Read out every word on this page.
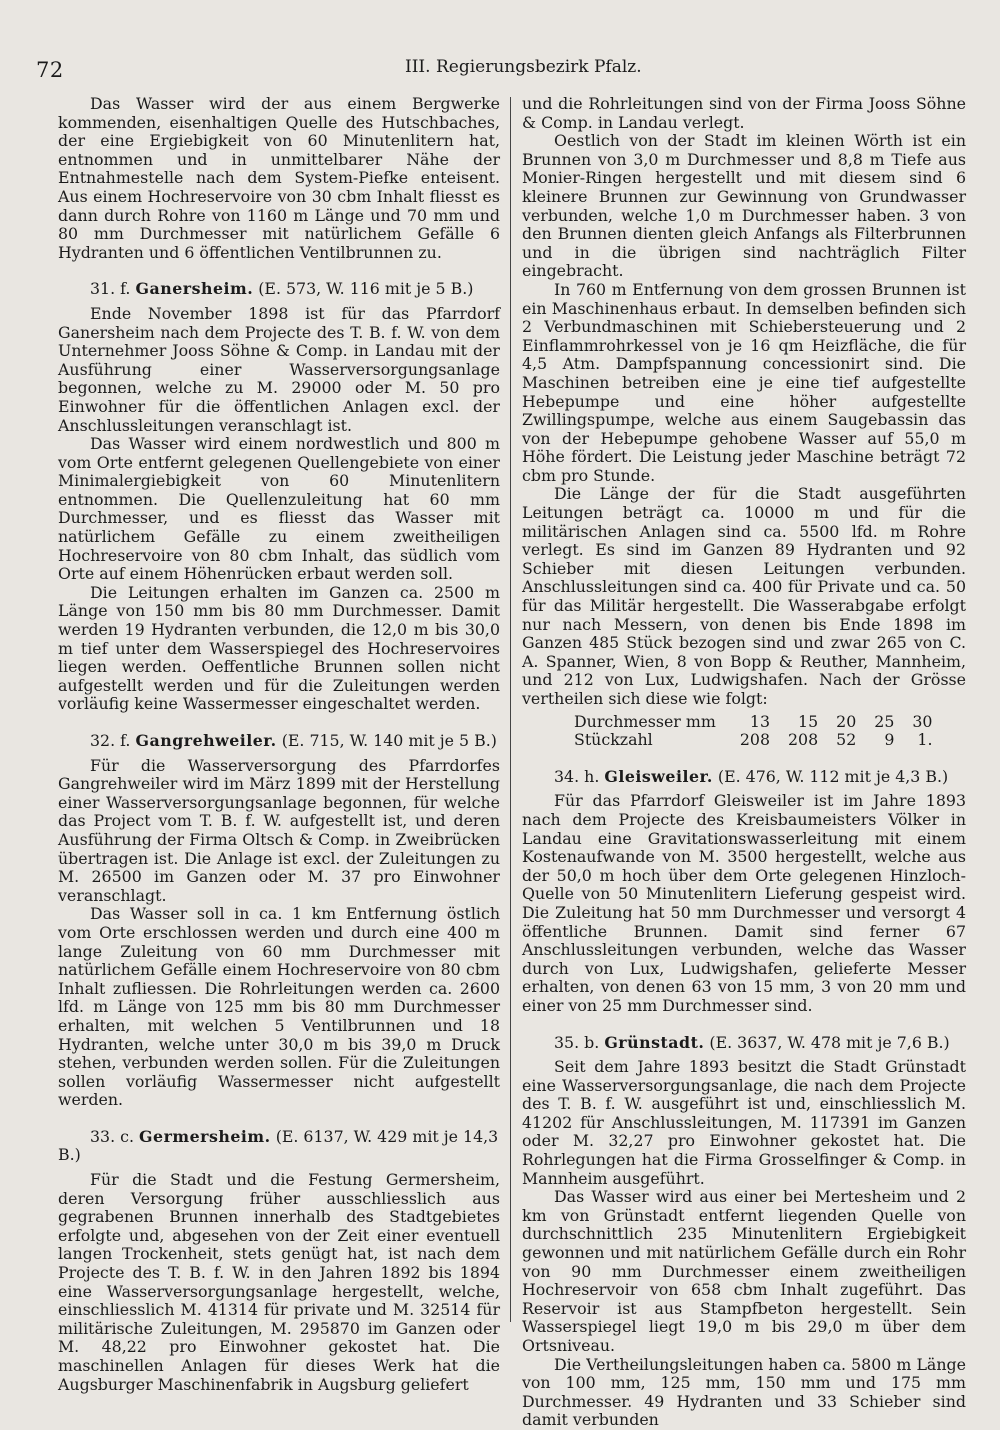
72	III. Regierungsbezirk Pfalz.

Das Wasser wird der aus einem Bergwerke kommenden, eisenhaltigen Quelle des Hutschbaches, der eine Ergiebigkeit von 60 Minutenlitern hat, entnommen und in unmittelbarer Nähe der Entnahmestelle nach dem System-Piefke enteisent. Aus einem Hochreservoire von 30 cbm Inhalt fliesst es dann durch Rohre von 1160 m Länge und 70 mm und 80 mm Durchmesser mit natürlichem Gefälle 6 Hydranten und 6 öffentlichen Ventilbrunnen zu.

31. f. Ganersheim. (E. 573, W. 116 mit je 5 B.)

Ende November 1898 ist für das Pfarrdorf Ganersheim nach dem Projecte des T. B. f. W. von dem Unternehmer Jooss Söhne & Comp. in Landau mit der Ausführung einer Wasserversorgungsanlage begonnen, welche zu M. 29000 oder M. 50 pro Einwohner für die öffentlichen Anlagen excl. der Anschlussleitungen veranschlagt ist.

Das Wasser wird einem nordwestlich und 800 m vom Orte entfernt gelegenen Quellengebiete von einer Minimalergiebigkeit von 60 Minutenlitern entnommen. Die Quellenzuleitung hat 60 mm Durchmesser, und es fliesst das Wasser mit natürlichem Gefälle zu einem zweitheiligen Hochreservoire von 80 cbm Inhalt, das südlich vom Orte auf einem Höhenrücken erbaut werden soll.

Die Leitungen erhalten im Ganzen ca. 2500 m Länge von 150 mm bis 80 mm Durchmesser. Damit werden 19 Hydranten verbunden, die 12,0 m bis 30,0 m tief unter dem Wasserspiegel des Hochreservoires liegen werden. Oeffentliche Brunnen sollen nicht aufgestellt werden und für die Zuleitungen werden vorläufig keine Wassermesser eingeschaltet werden.

32. f. Gangrehweiler. (E. 715, W. 140 mit je 5 B.)

Für die Wasserversorgung des Pfarrdorfes Gangrehweiler wird im März 1899 mit der Herstellung einer Wasserversorgungsanlage begonnen, für welche das Project vom T. B. f. W. aufgestellt ist, und deren Ausführung der Firma Oltsch & Comp. in Zweibrücken übertragen ist. Die Anlage ist excl. der Zuleitungen zu M. 26500 im Ganzen oder M. 37 pro Einwohner veranschlagt.

Das Wasser soll in ca. 1 km Entfernung östlich vom Orte erschlossen werden und durch eine 400 m lange Zuleitung von 60 mm Durchmesser mit natürlichem Gefälle einem Hochreservoire von 80 cbm Inhalt zufliessen. Die Rohrleitungen werden ca. 2600 lfd. m Länge von 125 mm bis 80 mm Durchmesser erhalten, mit welchen 5 Ventilbrunnen und 18 Hydranten, welche unter 30,0 m bis 39,0 m Druck stehen, verbunden werden sollen. Für die Zuleitungen sollen vorläufig Wassermesser nicht aufgestellt werden.

33. c. Germersheim. (E. 6137, W. 429 mit je 14,3 B.)

Für die Stadt und die Festung Germersheim, deren Versorgung früher ausschliesslich aus gegrabenen Brunnen innerhalb des Stadtgebietes erfolgte und, abgesehen von der Zeit einer eventuell langen Trockenheit, stets genügt hat, ist nach dem Projecte des T. B. f. W. in den Jahren 1892 bis 1894 eine Wasserversorgungsanlage hergestellt, welche, einschliesslich M. 41314 für private und M. 32514 für militärische Zuleitungen, M. 295870 im Ganzen oder M. 48,22 pro Einwohner gekostet hat. Die maschinellen Anlagen für dieses Werk hat die Augsburger Maschinenfabrik in Augsburg geliefert

und die Rohrleitungen sind von der Firma Jooss Söhne & Comp. in Landau verlegt.

Oestlich von der Stadt im kleinen Wörth ist ein Brunnen von 3,0 m Durchmesser und 8,8 m Tiefe aus Monier-Ringen hergestellt und mit diesem sind 6 kleinere Brunnen zur Gewinnung von Grundwasser verbunden, welche 1,0 m Durchmesser haben. 3 von den Brunnen dienten gleich Anfangs als Filterbrunnen und in die übrigen sind nachträglich Filter eingebracht.

In 760 m Entfernung von dem grossen Brunnen ist ein Maschinenhaus erbaut. In demselben befinden sich 2 Verbundmaschinen mit Schiebersteuerung und 2 Einflammrohrkessel von je 16 qm Heizfläche, die für 4,5 Atm. Dampfspannung concessionirt sind. Die Maschinen betreiben eine je eine tief aufgestellte Hebepumpe und eine höher aufgestellte Zwillingspumpe, welche aus einem Saugebassin das von der Hebepumpe gehobene Wasser auf 55,0 m Höhe fördert. Die Leistung jeder Maschine beträgt 72 cbm pro Stunde.

Die Länge der für die Stadt ausgeführten Leitungen beträgt ca. 10000 m und für die militärischen Anlagen sind ca. 5500 lfd. m Rohre verlegt. Es sind im Ganzen 89 Hydranten und 92 Schieber mit diesen Leitungen verbunden. Anschlussleitungen sind ca. 400 für Private und ca. 50 für das Militär hergestellt. Die Wasserabgabe erfolgt nur nach Messern, von denen bis Ende 1898 im Ganzen 485 Stück bezogen sind und zwar 265 von C. A. Spanner, Wien, 8 von Bopp & Reuther, Mannheim, und 212 von Lux, Ludwigshafen. Nach der Grösse vertheilen sich diese wie folgt:

Durchmesser mm	13	15	20	25	30
Stückzahl	208	208	52	9	1.
34. h. Gleisweiler. (E. 476, W. 112 mit je 4,3 B.)

Für das Pfarrdorf Gleisweiler ist im Jahre 1893 nach dem Projecte des Kreisbaumeisters Völker in Landau eine Gravitationswasserleitung mit einem Kostenaufwande von M. 3500 hergestellt, welche aus der 50,0 m hoch über dem Orte gelegenen Hinzloch-Quelle von 50 Minutenlitern Lieferung gespeist wird. Die Zuleitung hat 50 mm Durchmesser und versorgt 4 öffentliche Brunnen. Damit sind ferner 67 Anschlussleitungen verbunden, welche das Wasser durch von Lux, Ludwigshafen, gelieferte Messer erhalten, von denen 63 von 15 mm, 3 von 20 mm und einer von 25 mm Durchmesser sind.

35. b. Grünstadt. (E. 3637, W. 478 mit je 7,6 B.)

Seit dem Jahre 1893 besitzt die Stadt Grünstadt eine Wasserversorgungsanlage, die nach dem Projecte des T. B. f. W. ausgeführt ist und, einschliesslich M. 41202 für Anschlussleitungen, M. 117391 im Ganzen oder M. 32,27 pro Einwohner gekostet hat. Die Rohrlegungen hat die Firma Grosselfinger & Comp. in Mannheim ausgeführt.

Das Wasser wird aus einer bei Mertesheim und 2 km von Grünstadt entfernt liegenden Quelle von durchschnittlich 235 Minutenlitern Ergiebigkeit gewonnen und mit natürlichem Gefälle durch ein Rohr von 90 mm Durchmesser einem zweitheiligen Hochreservoir von 658 cbm Inhalt zugeführt. Das Reservoir ist aus Stampfbeton hergestellt. Sein Wasserspiegel liegt 19,0 m bis 29,0 m über dem Ortsniveau.

Die Vertheilungsleitungen haben ca. 5800 m Länge von 100 mm, 125 mm, 150 mm und 175 mm Durchmesser. 49 Hydranten und 33 Schieber sind damit verbunden
